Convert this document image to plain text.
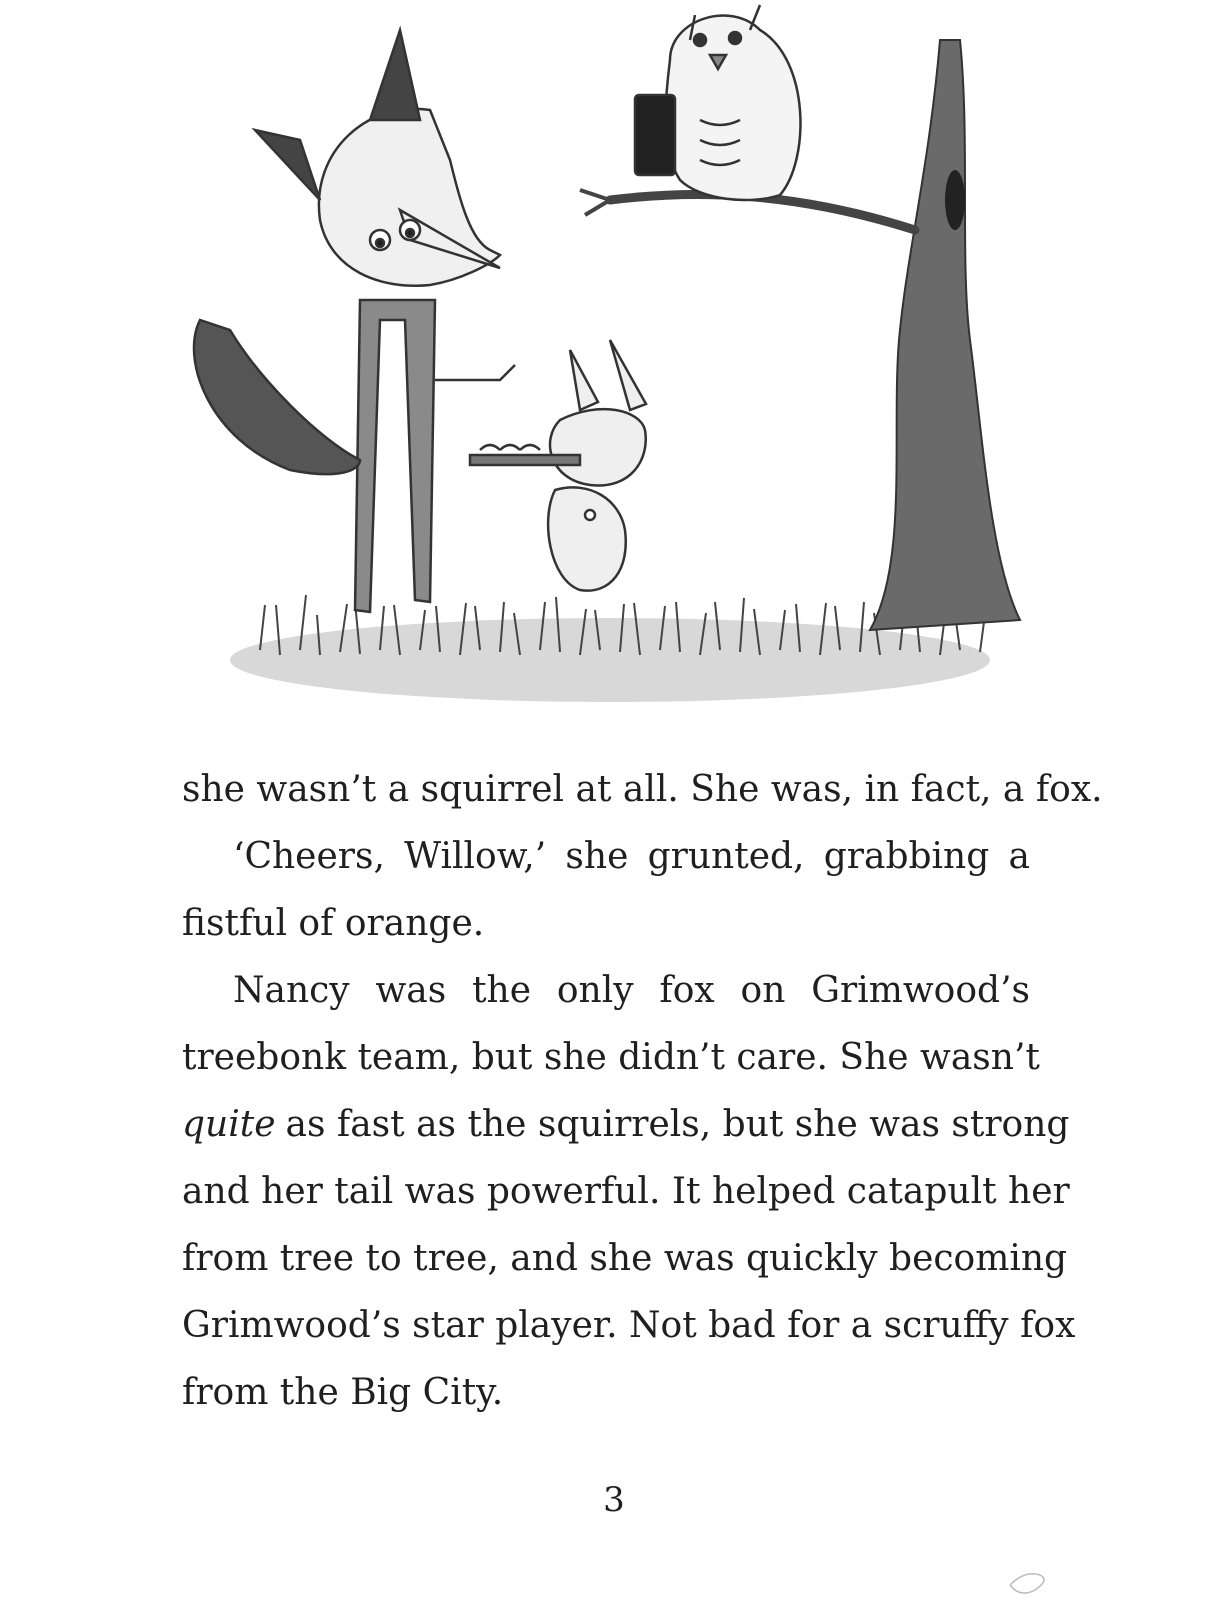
she wasn’t a squirrel at all. She was, in fact, a fox.
‘Cheers, Willow,’ she grunted, grabbing a
fistful of orange.
Nancy was the only fox on Grimwood’s
treebonk team, but she didn’t care. She wasn’t
quite as fast as the squirrels, but she was strong
and her tail was powerful. It helped catapult her
from tree to tree, and she was quickly becoming
Grimwood’s star player. Not bad for a scruffy fox
from the Big City.
3
